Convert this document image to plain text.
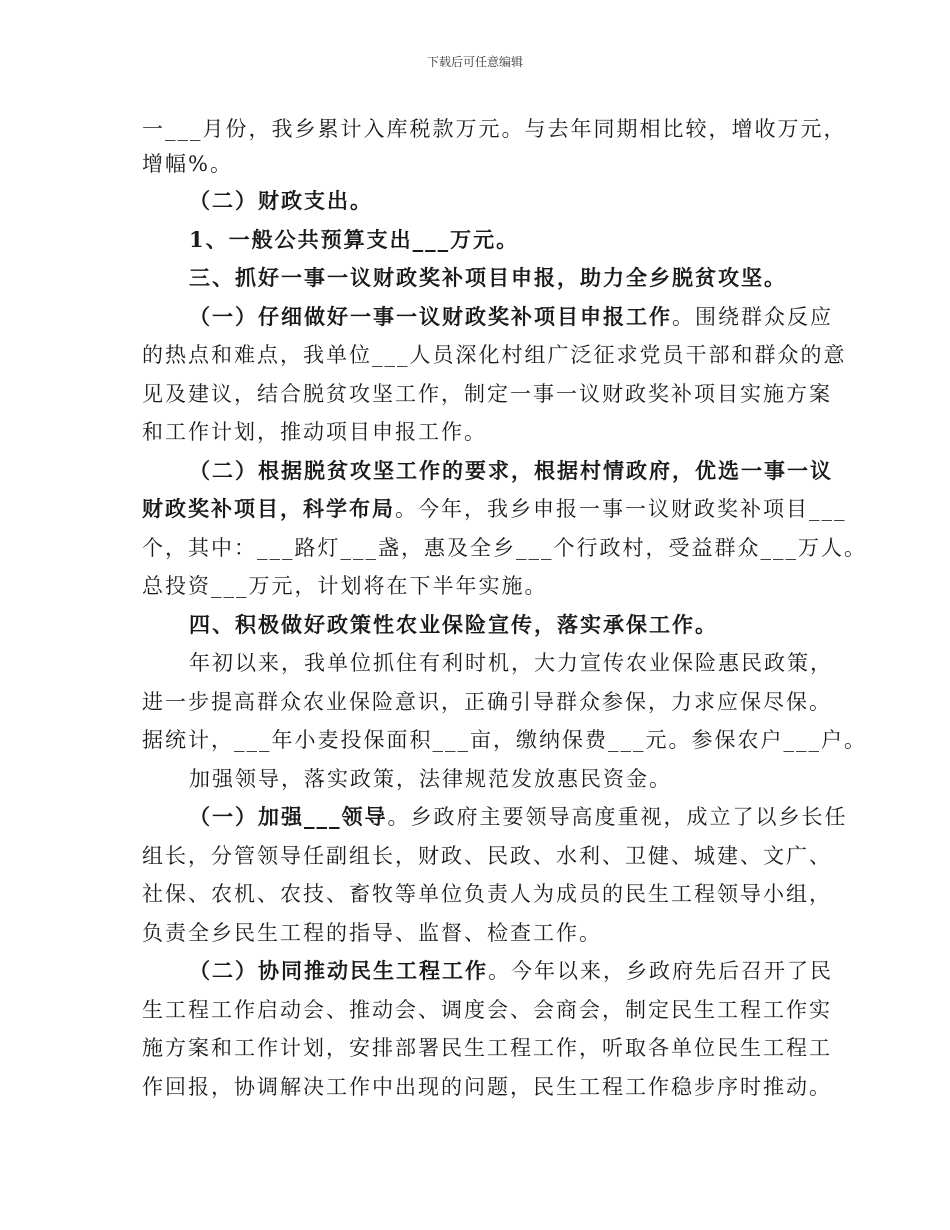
下载后可任意编辑
一___月份，我乡累计入库税款万元。与去年同期相比较，增收万元，
增幅%。
（二）财政支出。
1、一般公共预算支出___万元。
三、抓好一事一议财政奖补项目申报，助力全乡脱贫攻坚。
（一）仔细做好一事一议财政奖补项目申报工作。围绕群众反应
的热点和难点，我单位___人员深化村组广泛征求党员干部和群众的意
见及建议，结合脱贫攻坚工作，制定一事一议财政奖补项目实施方案
和工作计划，推动项目申报工作。
（二）根据脱贫攻坚工作的要求，根据村情政府，优选一事一议
财政奖补项目，科学布局。今年，我乡申报一事一议财政奖补项目___
个，其中：___路灯___盏，惠及全乡___个行政村，受益群众___万人。
总投资___万元，计划将在下半年实施。
四、积极做好政策性农业保险宣传，落实承保工作。
年初以来，我单位抓住有利时机，大力宣传农业保险惠民政策，
进一步提高群众农业保险意识，正确引导群众参保，力求应保尽保。
据统计，___年小麦投保面积___亩，缴纳保费___元。参保农户___户。
加强领导，落实政策，法律规范发放惠民资金。
（一）加强___领导。乡政府主要领导高度重视，成立了以乡长任
组长，分管领导任副组长，财政、民政、水利、卫健、城建、文广、
社保、农机、农技、畜牧等单位负责人为成员的民生工程领导小组，
负责全乡民生工程的指导、监督、检查工作。
（二）协同推动民生工程工作。今年以来，乡政府先后召开了民
生工程工作启动会、推动会、调度会、会商会，制定民生工程工作实
施方案和工作计划，安排部署民生工程工作，听取各单位民生工程工
作回报，协调解决工作中出现的问题，民生工程工作稳步序时推动。
